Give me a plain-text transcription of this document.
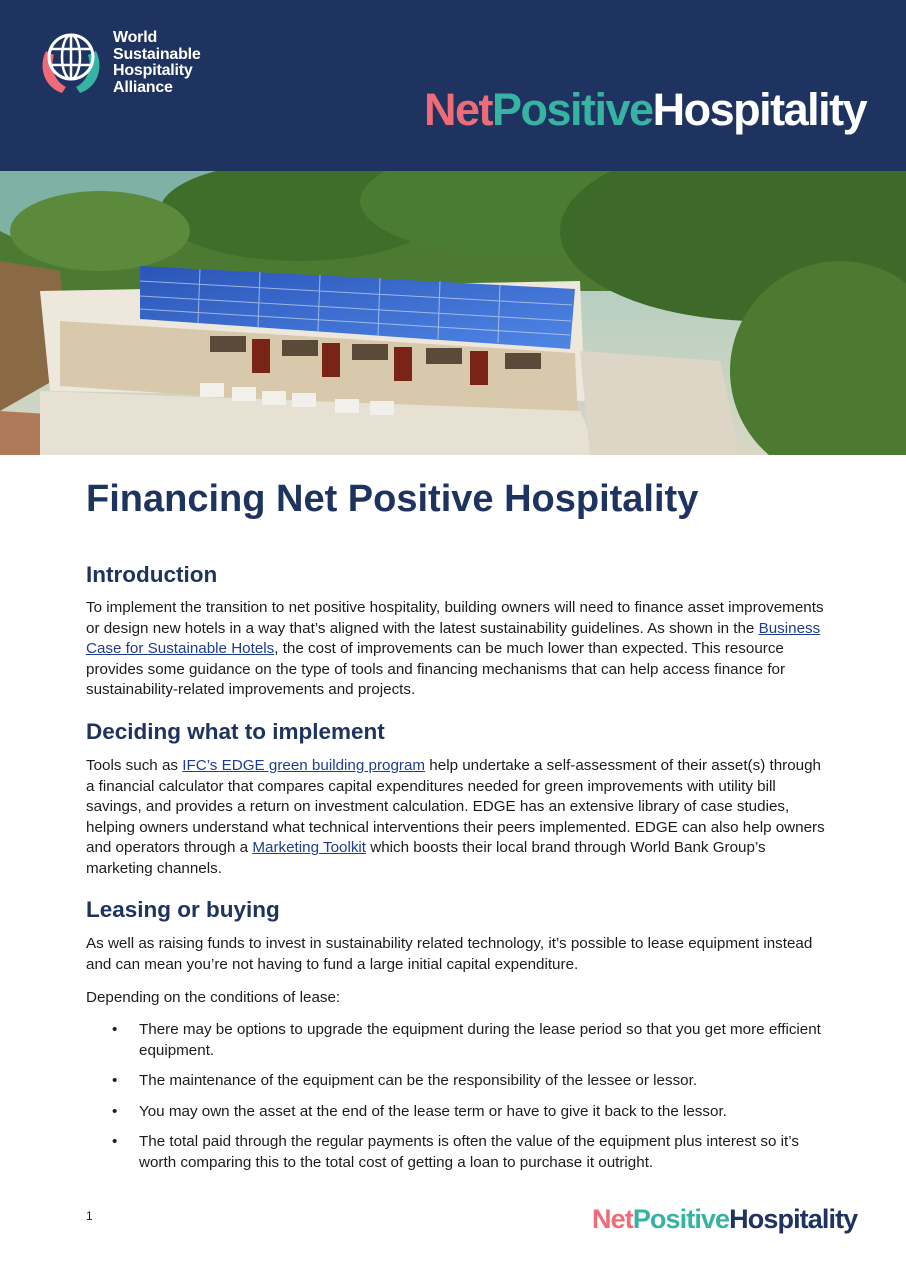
World
Sustainable
Hospitality
Alliance	NetPositiveHospitality
Financing Net Positive Hospitality
Introduction

To implement the transition to net positive hospitality, building owners will need to finance asset improvements or design new hotels in a way that’s aligned with the latest sustainability guidelines. As shown in the Business Case for Sustainable Hotels, the cost of improvements can be much lower than expected. This resource provides some guidance on the type of tools and financing mechanisms that can help access finance for sustainability-related improvements and projects.

Deciding what to implement

Tools such as IFC’s EDGE green building program help undertake a self-assessment of their asset(s) through a financial calculator that compares capital expenditures needed for green improvements with utility bill savings, and provides a return on investment calculation. EDGE has an extensive library of case studies, helping owners understand what technical interventions their peers implemented. EDGE can also help owners and operators through a Marketing Toolkit which boosts their local brand through World Bank Group’s marketing channels.

Leasing or buying

As well as raising funds to invest in sustainability related technology, it’s possible to lease equipment instead and can mean you’re not having to fund a large initial capital expenditure.

Depending on the conditions of lease:

• There may be options to upgrade the equipment during the lease period so that you get more efficient equipment.
• The maintenance of the equipment can be the responsibility of the lessee or lessor.
• You may own the asset at the end of the lease term or have to give it back to the lessor.
• The total paid through the regular payments is often the value of the equipment plus interest so it’s worth comparing this to the total cost of getting a loan to purchase it outright.
1	NetPositiveHospitality
